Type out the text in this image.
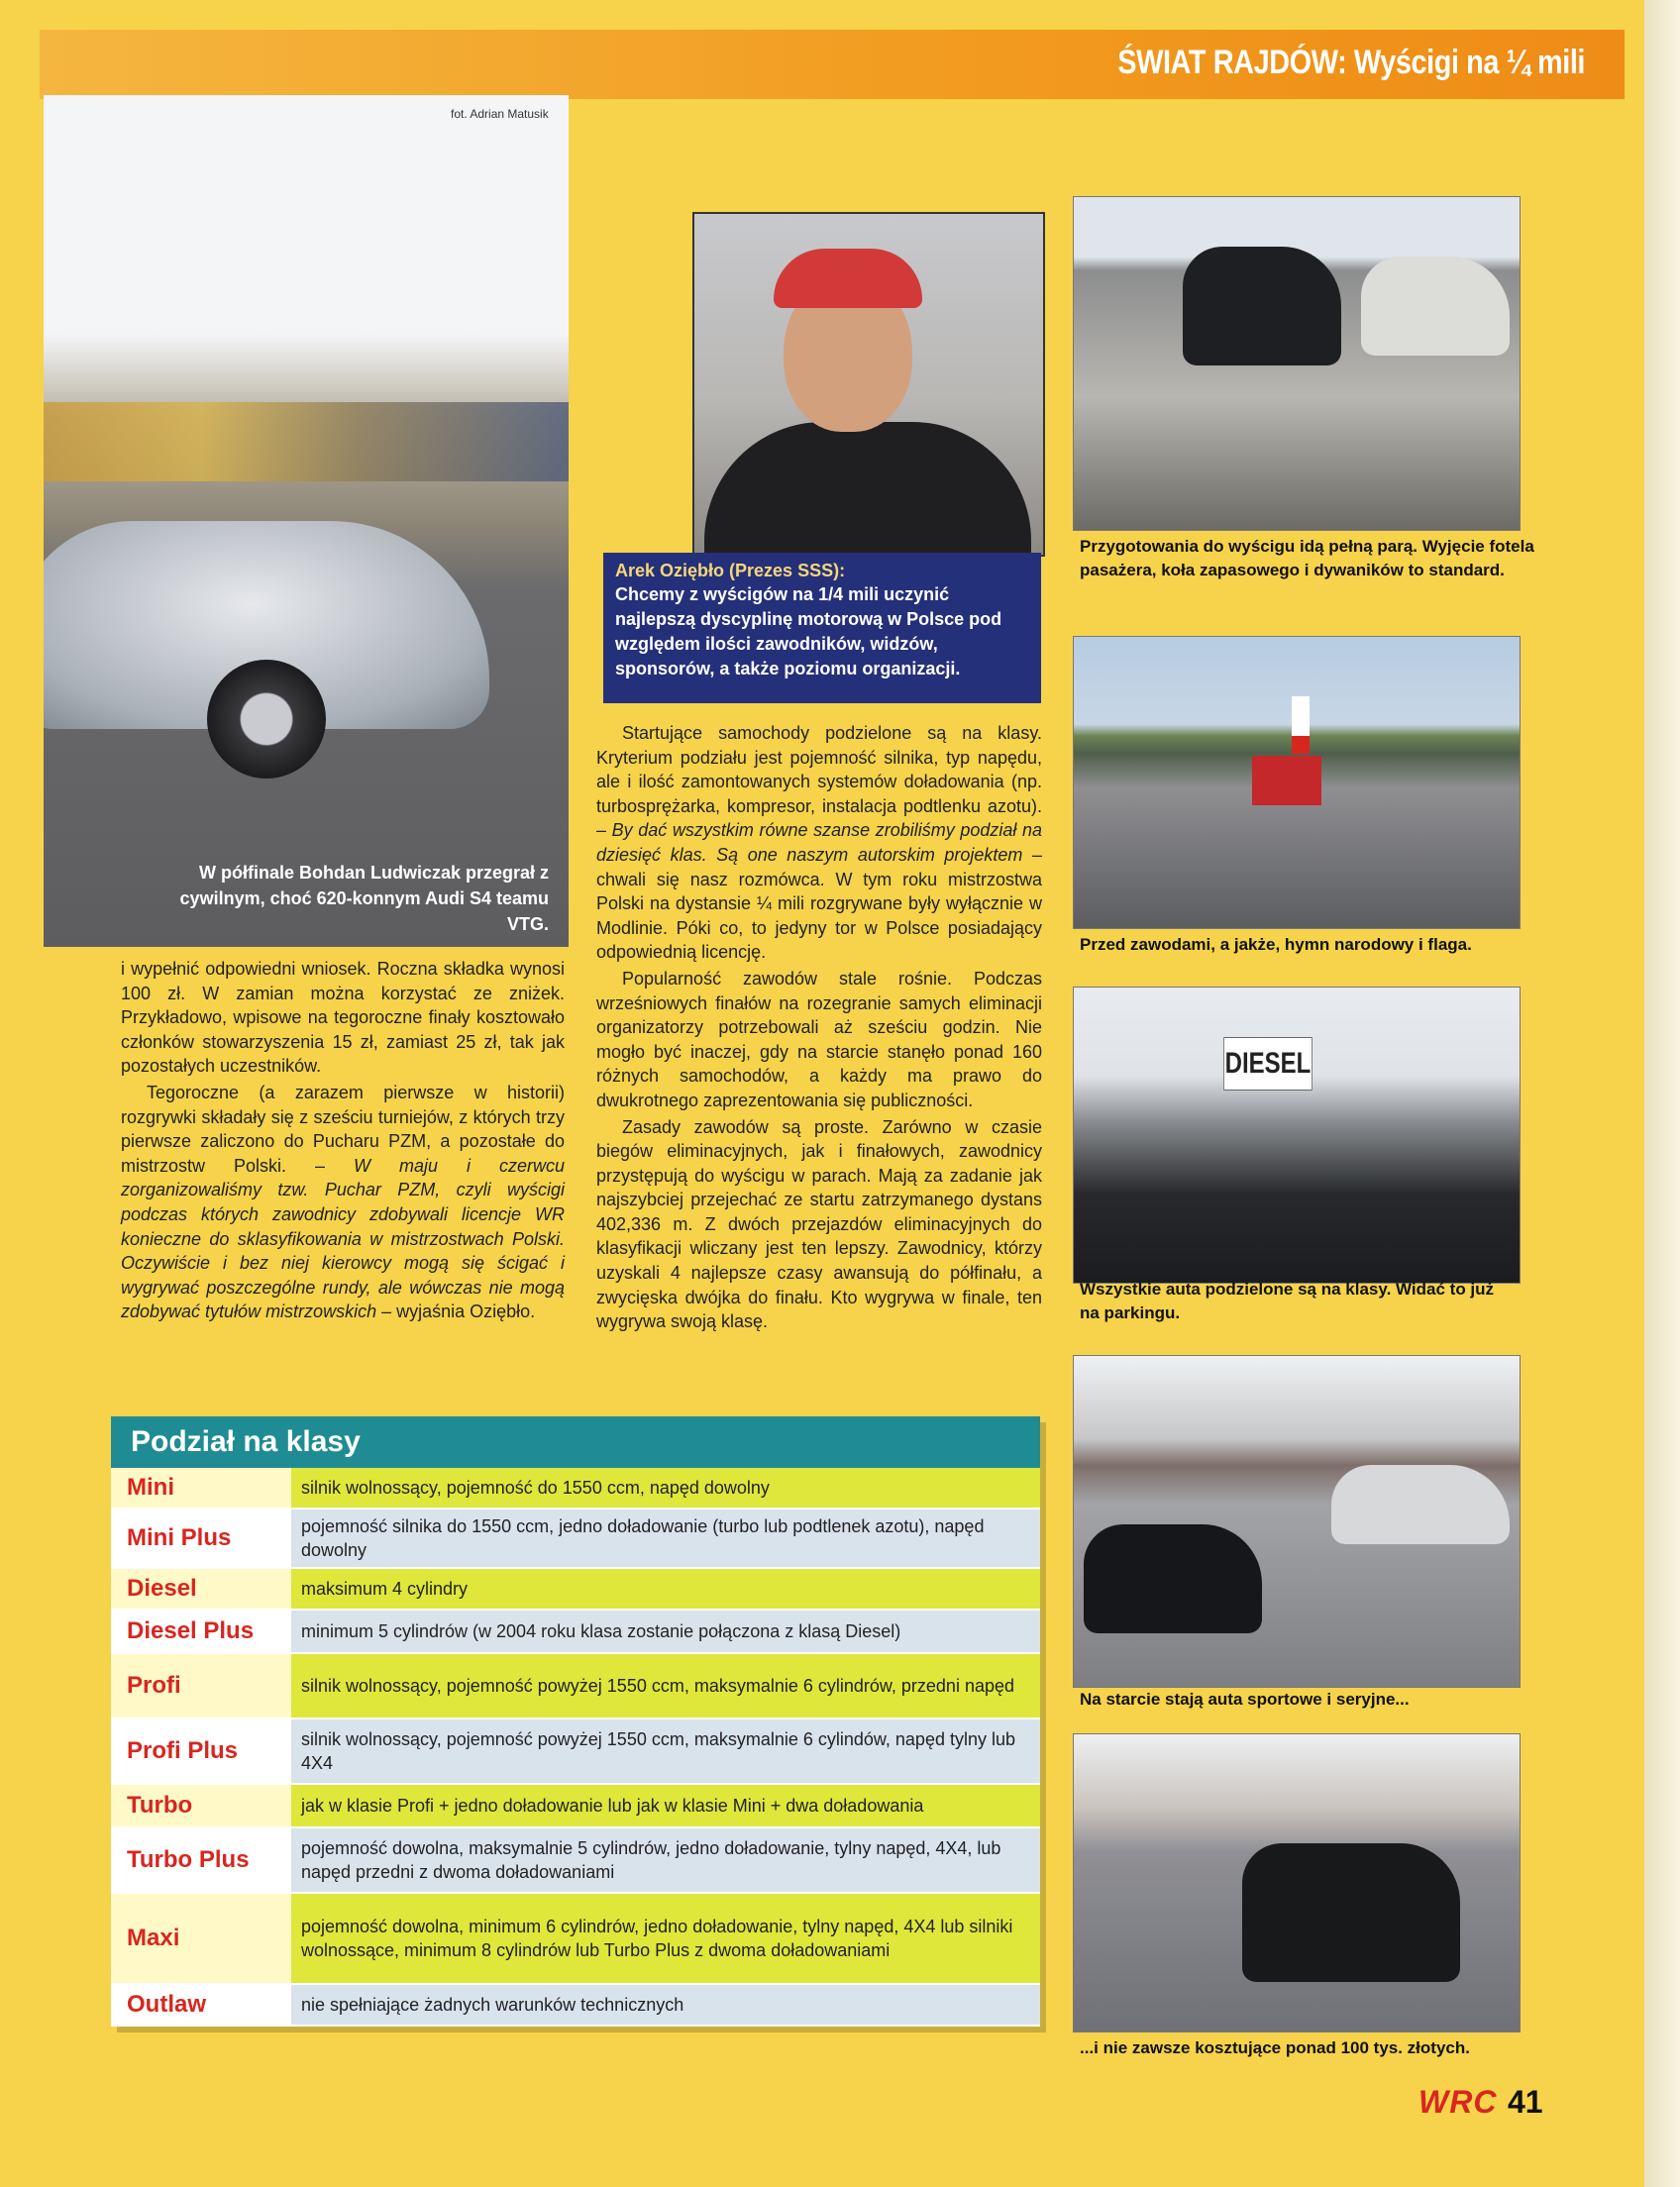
ŚWIAT RAJDÓW: Wyścigi na ¼ mili
W półfinale Bohdan Ludwiczak przegrał z cywilnym, choć 620-konnym Audi S4 teamu VTG.
fot. Adrian Matusik
Arek Oziębło (Prezes SSS):
Chcemy z wyścigów na 1/4 mili uczynić najlepszą dyscyplinę motorową w Polsce pod względem ilości zawodników, widzów, sponsorów, a także poziomu organizacji.

i wypełnić odpowiedni wniosek. Roczna składka wynosi 100 zł. W zamian można korzystać ze zniżek. Przykładowo, wpisowe na tegoroczne finały kosztowało członków stowarzyszenia 15 zł, zamiast 25 zł, tak jak pozostałych uczestników.

Tegoroczne (a zarazem pierwsze w historii) rozgrywki składały się z sześciu turniejów, z których trzy pierwsze zaliczono do Pucharu PZM, a pozostałe do mistrzostw Polski. – W maju i czerwcu zorganizowaliśmy tzw. Puchar PZM, czyli wyścigi podczas których zawodnicy zdobywali licencje WR konieczne do sklasyfikowania w mistrzostwach Polski. Oczywiście i bez niej kierowcy mogą się ścigać i wygrywać poszczególne rundy, ale wówczas nie mogą zdobywać tytułów mistrzowskich – wyjaśnia Oziębło.

Startujące samochody podzielone są na klasy. Kryterium podziału jest pojemność silnika, typ napędu, ale i ilość zamontowanych systemów doładowania (np. turbosprężarka, kompresor, instalacja podtlenku azotu). – By dać wszystkim równe szanse zrobiliśmy podział na dziesięć klas. Są one naszym autorskim projektem – chwali się nasz rozmówca. W tym roku mistrzostwa Polski na dystansie ¼ mili rozgrywane były wyłącznie w Modlinie. Póki co, to jedyny tor w Polsce posiadający odpowiednią licencję.

Popularność zawodów stale rośnie. Podczas wrześniowych finałów na rozegranie samych eliminacji organizatorzy potrzebowali aż sześciu godzin. Nie mogło być inaczej, gdy na starcie stanęło ponad 160 różnych samochodów, a każdy ma prawo do dwukrotnego zaprezentowania się publiczności.

Zasady zawodów są proste. Zarówno w czasie biegów eliminacyjnych, jak i finałowych, zawodnicy przystępują do wyścigu w parach. Mają za zadanie jak najszybciej przejechać ze startu zatrzymanego dystans 402,336 m. Z dwóch przejazdów eliminacyjnych do klasyfikacji wliczany jest ten lepszy. Zawodnicy, którzy uzyskali 4 najlepsze czasy awansują do półfinału, a zwycięska dwójka do finału. Kto wygrywa w finale, ten wygrywa swoją klasę.

Przygotowania do wyścigu idą pełną parą. Wyjęcie fotela pasażera, koła zapasowego i dywaników to standard.
Przed zawodami, a jakże, hymn narodowy i flaga.
DIESEL
Wszystkie auta podzielone są na klasy. Widać to już na parkingu.
Na starcie stają auta sportowe i seryjne...
...i nie zawsze kosztujące ponad 100 tys. złotych.
Podział na klasy
Mini	silnik wolnossący, pojemność do 1550 ccm, napęd dowolny
Mini Plus	pojemność silnika do 1550 ccm, jedno doładowanie (turbo lub podtlenek azotu), napęd dowolny
Diesel	maksimum 4 cylindry
Diesel Plus	minimum 5 cylindrów (w 2004 roku klasa zostanie połączona z klasą Diesel)
Profi	silnik wolnossący, pojemność powyżej 1550 ccm, maksymalnie 6 cylindrów, przedni napęd
Profi Plus	silnik wolnossący, pojemność powyżej 1550 ccm, maksymalnie 6 cylindów, napęd tylny lub 4X4
Turbo	jak w klasie Profi + jedno doładowanie lub jak w klasie Mini + dwa doładowania
Turbo Plus	pojemność dowolna, maksymalnie 5 cylindrów, jedno doładowanie, tylny napęd, 4X4, lub napęd przedni z dwoma doładowaniami
Maxi	pojemność dowolna, minimum 6 cylindrów, jedno doładowanie, tylny napęd, 4X4 lub silniki wolnossące, minimum 8 cylindrów lub Turbo Plus z dwoma doładowaniami
Outlaw	nie spełniające żadnych warunków technicznych
WRC 41
